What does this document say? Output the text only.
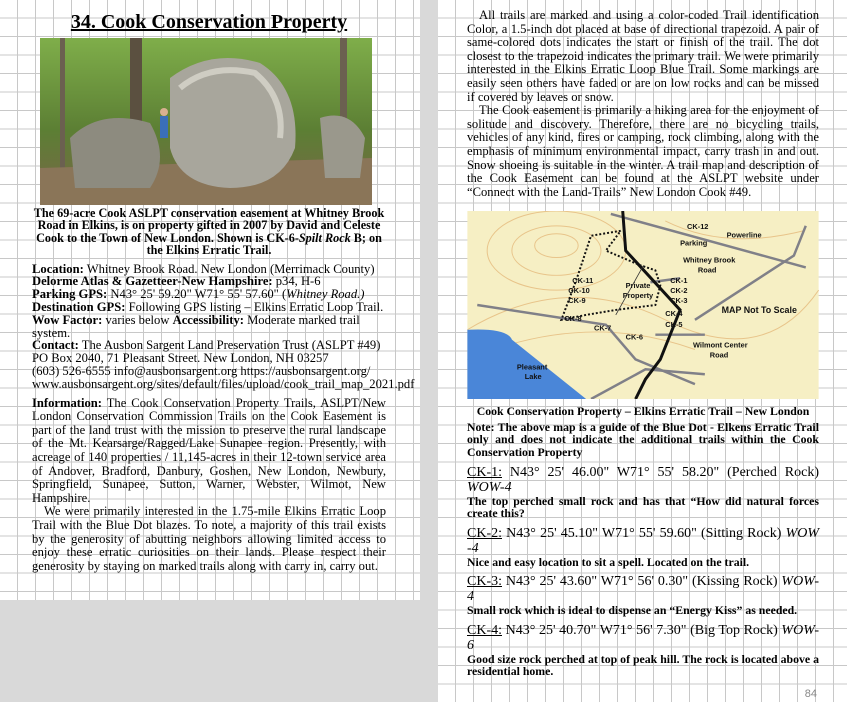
34. Cook Conservation Property
The 69-acre Cook ASLPT conservation easement at Whitney Brook Road in Elkins, is on property gifted in 2007 by David and Celeste Cook to the Town of New London. Shown is CK-6-Spilt Rock B; on the Elkins Erratic Trail.
Location: Whitney Brook Road. New London (Merrimack County)
Delorme Atlas & Gazetteer-New Hampshire: p34, H-6
Parking GPS: N43° 25' 59.20" W71° 55' 57.60" (Whitney Road.)
Destination GPS: Following GPS listing – Elkins Erratic Loop Trail.
Wow Factor: varies below Accessibility: Moderate marked trail system.
Contact: The Ausbon Sargent Land Preservation Trust (ASLPT #49)
PO Box 2040, 71 Pleasant Street. New London, NH 03257
(603) 526-6555 info@ausbonsargent.org https://ausbonsargent.org/
www.ausbonsargent.org/sites/default/files/upload/cook_trail_map_2021.pdf

Information: The Cook Conservation Property Trails, ASLPT/New London Conservation Commission Trails on the Cook Easement is part of the land trust with the mission to preserve the rural landscape of the Mt. Kearsarge/Ragged/Lake Sunapee region. Presently, with acreage of 140 properties / 11,145-acres in their 12-town service area of Andover, Bradford, Danbury, Goshen, New London, Newbury, Springfield, Sunapee, Sutton, Warner, Webster, Wilmot, New Hampshire.

We were primarily interested in the 1.75-mile Elkins Erratic Loop Trail with the Blue Dot blazes. To note, a majority of this trail exists by the generosity of abutting neighbors allowing limited access to enjoy these erratic curiosities on their lands. Please respect their generosity by staying on marked trails along with carry in, carry out.

All trails are marked and using a color-coded Trail identification Color, a 1.5-inch dot placed at base of directional trapezoid. A pair of same-colored dots indicates the start or finish of the trail. The dot closest to the trapezoid indicates the primary trail. We were primarily interested in the Elkins Erratic Loop Blue Trail. Some markings are easily seen others have faded or are on low rocks and can be missed if covered by leaves or snow.

The Cook easement is primarily a hiking area for the enjoyment of solitude and discovery. Therefore, there are no bicycling trails, vehicles of any kind, fires or camping, rock climbing, along with the emphasis of minimum environmental impact, carry trash in and out. Snow shoeing is suitable in the winter. A trail map and description of the Cook Easement can be found at the ASLPT website under “Connect with the Land-Trails” New London Cook #49.

CK-12
Parking
Powerline
Whitney Brook
Road
CK-1
CK-2
CK-3
CK-4
CK-5
CK-6
CK-7
CK-8
CK-9
CK-10
CK-11
Private
Property
MAP Not To Scale
Wilmont Center
Road
Pleasant
Lake
Cook Conservation Property – Elkins Erratic Trail – New London
Note: The above map is a guide of the Blue Dot - Elkens Erratic Trail only and does not indicate the additional trails within the Cook Conservation Property
CK-1: N43° 25' 46.00" W71° 55' 58.20" (Perched Rock) WOW-4
The top perched small rock and has that “How did natural forces create this?
CK-2: N43° 25' 45.10" W71° 55' 59.60" (Sitting Rock) WOW -4
Nice and easy location to sit a spell. Located on the trail.
CK-3: N43° 25' 43.60" W71° 56' 0.30" (Kissing Rock) WOW-4
Small rock which is ideal to dispense an “Energy Kiss” as needed.
CK-4: N43° 25' 40.70" W71° 56' 7.30" (Big Top Rock) WOW-6
Good size rock perched at top of peak hill. The rock is located above a residential home.
84
